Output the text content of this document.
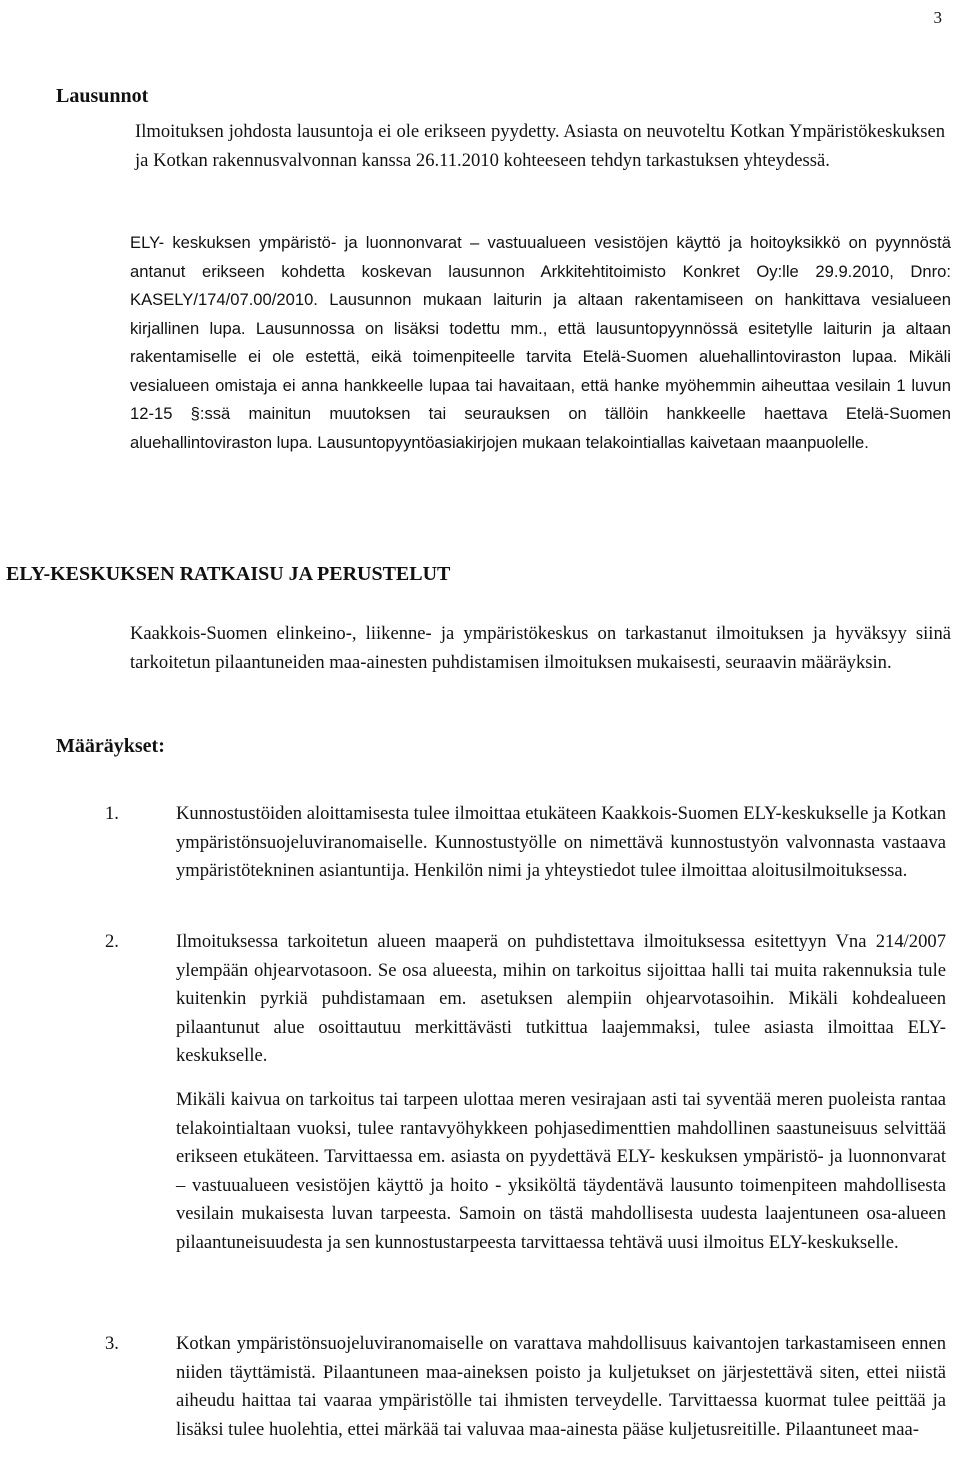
3
Lausunnot

Ilmoituksen johdosta lausuntoja ei ole erikseen pyydetty. Asiasta on neuvoteltu Kotkan Ympäristökeskuksen ja Kotkan rakennusvalvonnan kanssa 26.11.2010 kohteeseen tehdyn tarkastuksen yhteydessä.

ELY- keskuksen ympäristö- ja luonnonvarat – vastuualueen vesistöjen käyttö ja hoitoyksikkö on pyynnöstä antanut erikseen kohdetta koskevan lausunnon Arkkitehtitoimisto Konkret Oy:lle 29.9.2010, Dnro: KASELY/174/07.00/2010. Lausunnon mukaan laiturin ja altaan rakentamiseen on hankittava vesialueen kirjallinen lupa. Lausunnossa on lisäksi todettu mm., että lausuntopyynnössä esitetylle laiturin ja altaan rakentamiselle ei ole estettä, eikä toimenpiteelle tarvita Etelä-Suomen aluehallintoviraston lupaa. Mikäli vesialueen omistaja ei anna hankkeelle lupaa tai havaitaan, että hanke myöhemmin aiheuttaa vesilain 1 luvun 12-15 §:ssä mainitun muutoksen tai seurauksen on tällöin hankkeelle haettava Etelä-Suomen aluehallintoviraston lupa. Lausuntopyyntöasiakirjojen mukaan telakointiallas kaivetaan maanpuolelle.

ELY-KESKUKSEN RATKAISU JA PERUSTELUT

Kaakkois-Suomen elinkeino-, liikenne- ja ympäristökeskus on tarkastanut ilmoituksen ja hyväksyy siinä tarkoitetun pilaantuneiden maa-ainesten puhdistamisen ilmoituksen mukaisesti, seuraavin määräyksin.

Määräykset:
1.	Kunnostustöiden aloittamisesta tulee ilmoittaa etukäteen Kaakkois-Suomen ELY-keskukselle ja Kotkan ympäristönsuojeluviranomaiselle. Kunnostustyölle on nimettävä kunnostustyön valvonnasta vastaava ympäristötekninen asiantuntija. Henkilön nimi ja yhteystiedot tulee ilmoittaa aloitusilmoituksessa.

2.	Ilmoituksessa tarkoitetun alueen maaperä on puhdistettava ilmoituksessa esitettyyn Vna 214/2007 ylempään ohjearvotasoon. Se osa alueesta, mihin on tarkoitus sijoittaa halli tai muita rakennuksia tule kuitenkin pyrkiä puhdistamaan em. asetuksen alempiin ohjearvotasoihin. Mikäli kohdealueen pilaantunut alue osoittautuu merkittävästi tutkittua laajemmaksi, tulee asiasta ilmoittaa ELY-keskukselle.

Mikäli kaivua on tarkoitus tai tarpeen ulottaa meren vesirajaan asti tai syventää meren puoleista rantaa telakointialtaan vuoksi, tulee rantavyöhykkeen pohjasedimenttien mahdollinen saastuneisuus selvittää erikseen etukäteen. Tarvittaessa em. asiasta on pyydettävä ELY- keskuksen ympäristö- ja luonnonvarat – vastuualueen vesistöjen käyttö ja hoito - yksiköltä täydentävä lausunto toimenpiteen mahdollisesta vesilain mukaisesta luvan tarpeesta. Samoin on tästä mahdollisesta uudesta laajentuneen osa-alueen pilaantuneisuudesta ja sen kunnostustarpeesta tarvittaessa tehtävä uusi ilmoitus ELY-keskukselle.

3.	Kotkan ympäristönsuojeluviranomaiselle on varattava mahdollisuus kaivantojen tarkastamiseen ennen niiden täyttämistä. Pilaantuneen maa-aineksen poisto ja kuljetukset on järjestettävä siten, ettei niistä aiheudu haittaa tai vaaraa ympäristölle tai ihmisten terveydelle. Tarvittaessa kuormat tulee peittää ja lisäksi tulee huolehtia, ettei märkää tai valuvaa maa-ainesta pääse kuljetusreitille. Pilaantuneet maa-
